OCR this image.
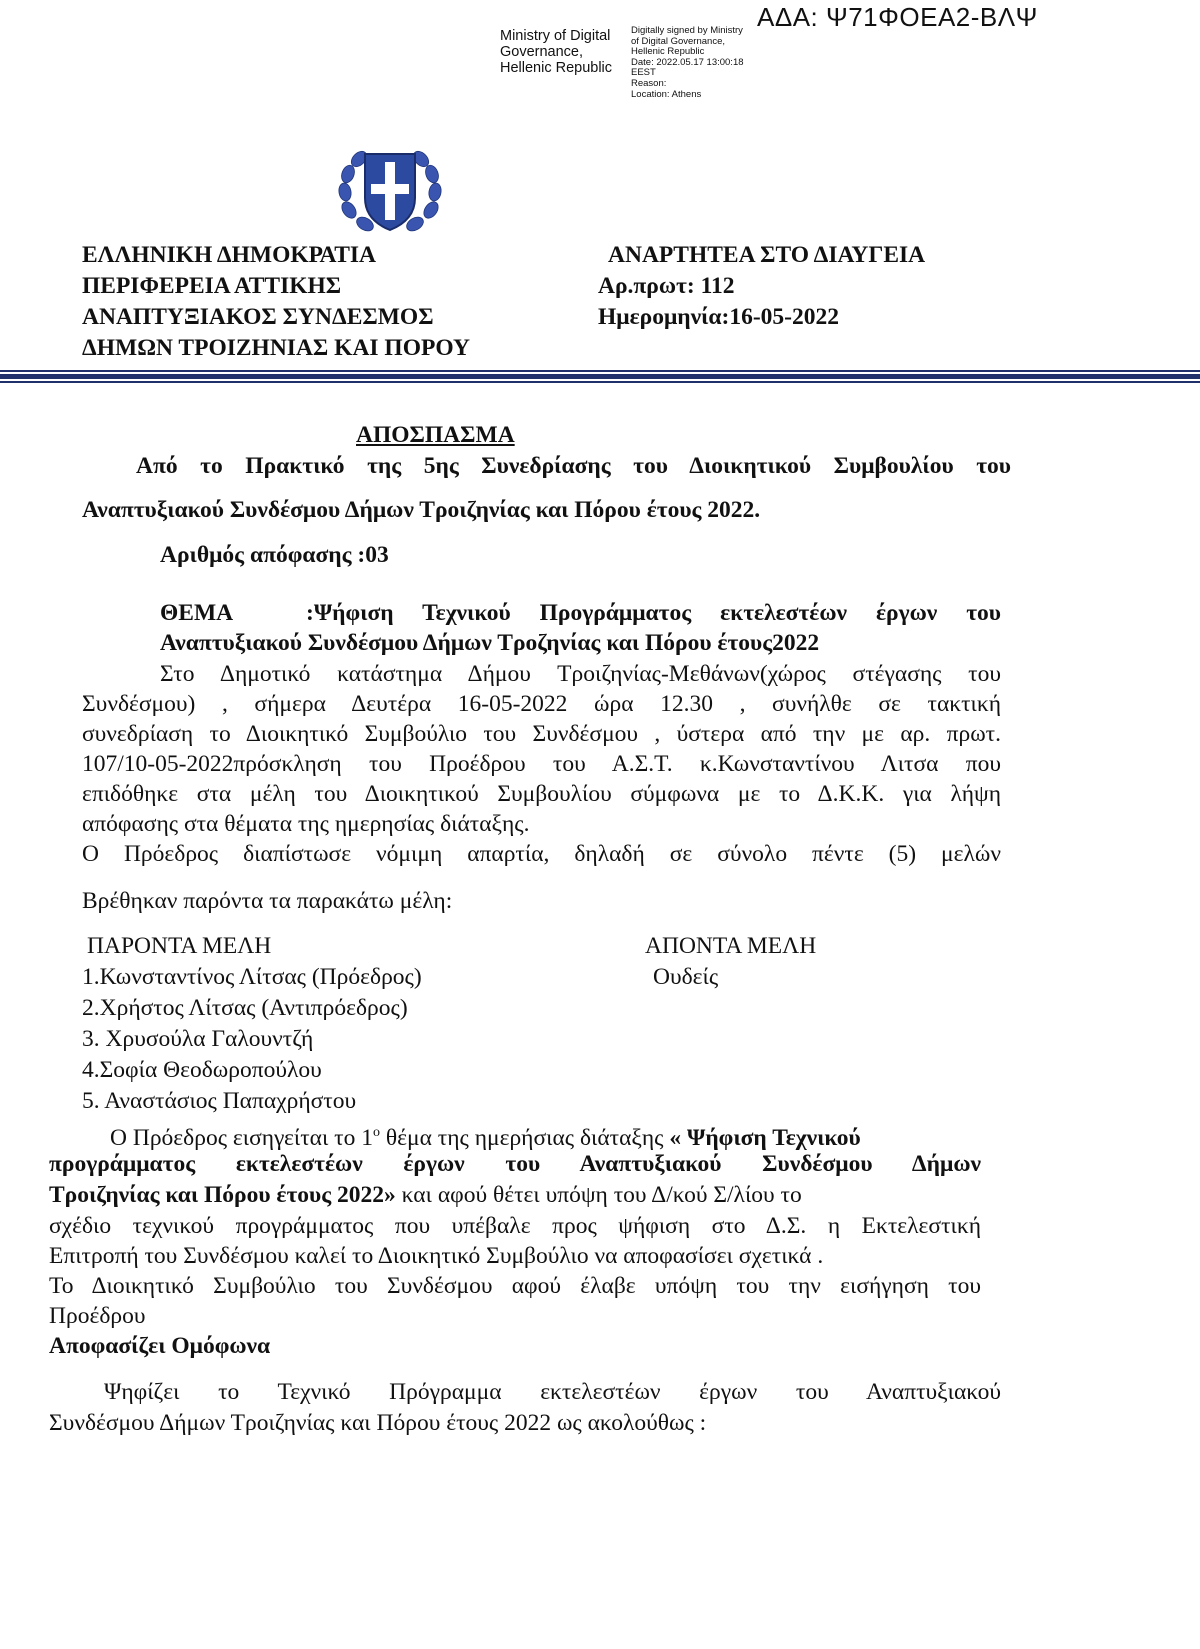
ΑΔΑ: Ψ71ΦΟΕΑ2-ΒΛΨ
Ministry of Digital
Governance,
Hellenic Republic
Digitally signed by Ministry
of Digital Governance,
Hellenic Republic
Date: 2022.05.17 13:00:18
EEST
Reason:
Location: Athens
ΕΛΛΗΝΙΚΗ ΔΗΜΟΚΡΑΤΙΑ
ΠΕΡΙΦΕΡΕΙΑ ΑΤΤΙΚΗΣ
ΑΝΑΠΤΥΞΙΑΚΟΣ ΣΥΝΔΕΣΜΟΣ
ΔΗΜΩΝ ΤΡΟΙΖΗΝΙΑΣ ΚΑΙ ΠΟΡΟΥ
ΑΝΑΡΤΗΤΕΑ ΣΤΟ ΔΙΑΥΓΕΙΑ
Αρ.πρωτ: 112
Ημερομηνία:16-05-2022
ΑΠΟΣΠΑΣΜΑ
Από το Πρακτικό της 5ης Συνεδρίασης του Διοικητικού Συμβουλίου του
Αναπτυξιακού Συνδέσμου Δήμων Τροιζηνίας και Πόρου έτους 2022.
Αριθμός απόφασης :03
ΘΕΜΑ	:Ψήφιση Τεχνικού Προγράμματος εκτελεστέων έργων του
Αναπτυξιακού Συνδέσμου Δήμων Τροζηνίας και Πόρου έτους2022
Στο Δημοτικό κατάστημα Δήμου Τροιζηνίας-Μεθάνων(χώρος στέγασης του
Συνδέσμου) , σήμερα Δευτέρα 16-05-2022 ώρα 12.30 , συνήλθε σε τακτική
συνεδρίαση το Διοικητικό Συμβούλιο του Συνδέσμου , ύστερα από την με αρ. πρωτ.
107/10-05-2022πρόσκληση του Προέδρου του Α.Σ.Τ. κ.Κωνσταντίνου Λιτσα που
επιδόθηκε στα μέλη του Διοικητικού Συμβουλίου σύμφωνα με το Δ.Κ.Κ. για λήψη
απόφασης στα θέματα της ημερησίας διάταξης.
Ο Πρόεδρος διαπίστωσε νόμιμη απαρτία, δηλαδή σε σύνολο πέντε (5) μελών
Βρέθηκαν παρόντα τα παρακάτω μέλη:
ΠΑΡΟΝΤΑ ΜΕΛΗ	ΑΠΟΝΤΑ ΜΕΛΗ
1.Κωνσταντίνος Λίτσας (Πρόεδρος)
2.Χρήστος Λίτσας (Αντιπρόεδρος)
3. Χρυσούλα Γαλουντζή
4.Σοφία Θεοδωροπούλου
5. Αναστάσιος Παπαχρήστου
Ουδείς
Ο Πρόεδρος εισηγείται το $1^o$ θέμα της ημερήσιας διάταξης « Ψήφιση Τεχνικού
προγράμματος εκτελεστέων έργων του Αναπτυξιακού Συνδέσμου Δήμων
Τροιζηνίας και Πόρου έτους 2022» και αφού θέτει υπόψη του Δ/κού Σ/λίου το
σχέδιο τεχνικού προγράμματος που υπέβαλε προς ψήφιση στο Δ.Σ. η Εκτελεστική
Επιτροπή του Συνδέσμου καλεί το Διοικητικό Συμβούλιο να αποφασίσει σχετικά .
Το Διοικητικό Συμβούλιο του Συνδέσμου αφού έλαβε υπόψη του την εισήγηση του
Προέδρου
Αποφασίζει Ομόφωνα
Ψηφίζει το Τεχνικό Πρόγραμμα εκτελεστέων έργων του Αναπτυξιακού
Συνδέσμου Δήμων Τροιζηνίας και Πόρου έτους 2022 ως ακολούθως :
